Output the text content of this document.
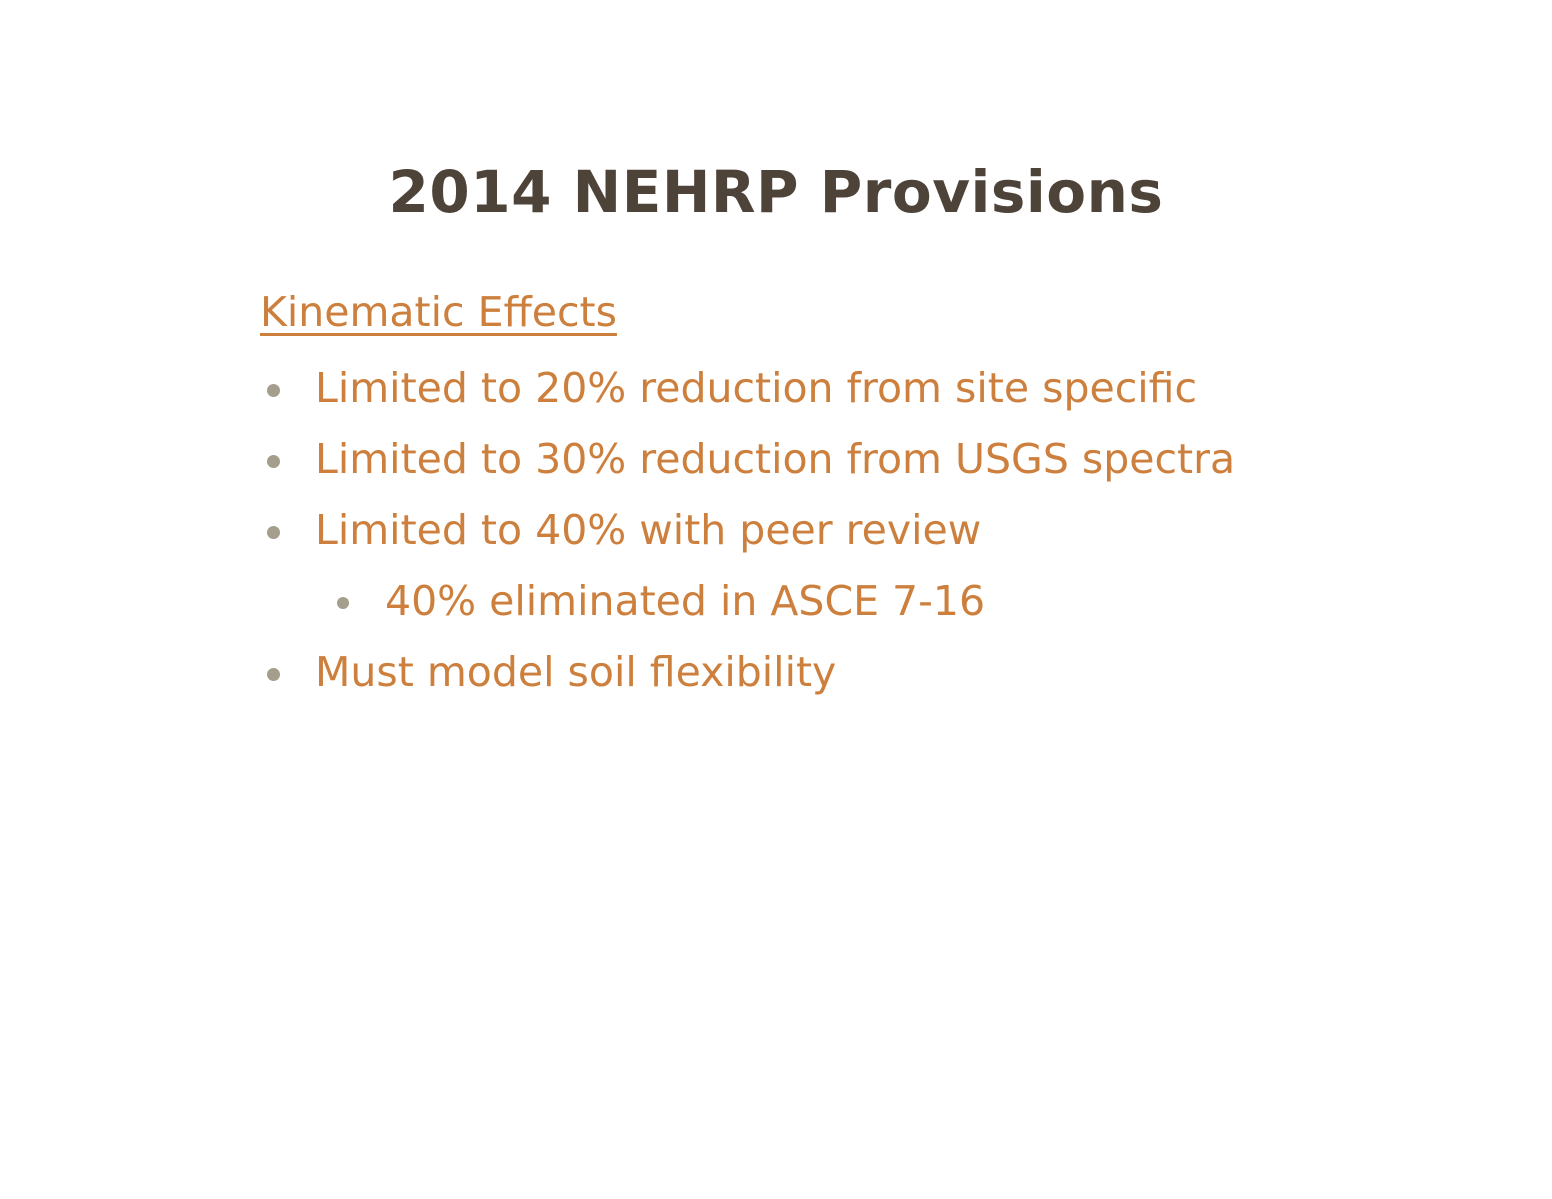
2014 NEHRP Provisions
Kinematic Effects
Limited to 20% reduction from site specific
Limited to 30% reduction from USGS spectra
Limited to 40% with peer review
40% eliminated in ASCE 7-16
Must model soil flexibility
